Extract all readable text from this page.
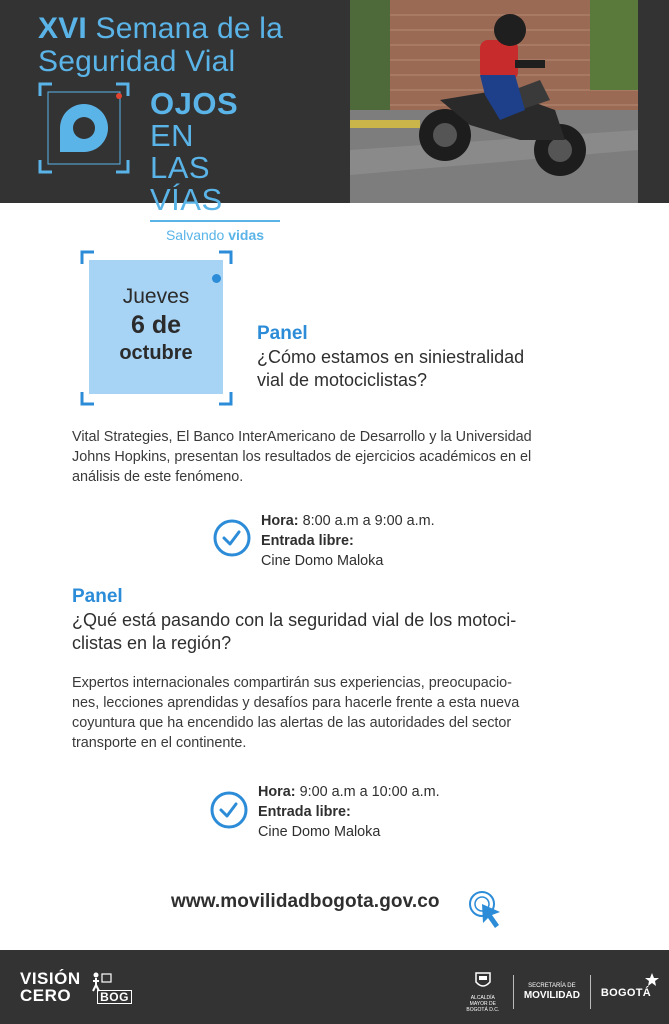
XVI Semana de la
Seguridad Vial
OJOS EN
LAS VÍAS
Salvando vidas
Jueves
6 de
octubre
Panel
¿Cómo estamos en siniestralidad
vial de motociclistas?
Vital Strategies, El Banco InterAmericano de Desarrollo y la Universidad
Johns Hopkins, presentan los resultados de ejercicios académicos en el
análisis de este fenómeno.
Hora: 8:00 a.m a 9:00 a.m.
Entrada libre:
Cine Domo Maloka
Panel
¿Qué está pasando con la seguridad vial de los motoci-
clistas en la región?
Expertos internacionales compartirán sus experiencias, preocupacio-
nes, lecciones aprendidas y desafíos para hacerle frente a esta nueva
coyuntura que ha encendido las alertas de las autoridades del sector
transporte en el continente.
Hora: 9:00 a.m a 10:00 a.m.
Entrada libre:
Cine Domo Maloka
www.movilidadbogota.gov.co
VISIÓN
CERO BOG	ALCALDÍA MAYOR DE BOGOTÁ D.C.
SECRETARÍA DE
MOVILIDAD BOGOTÁ
